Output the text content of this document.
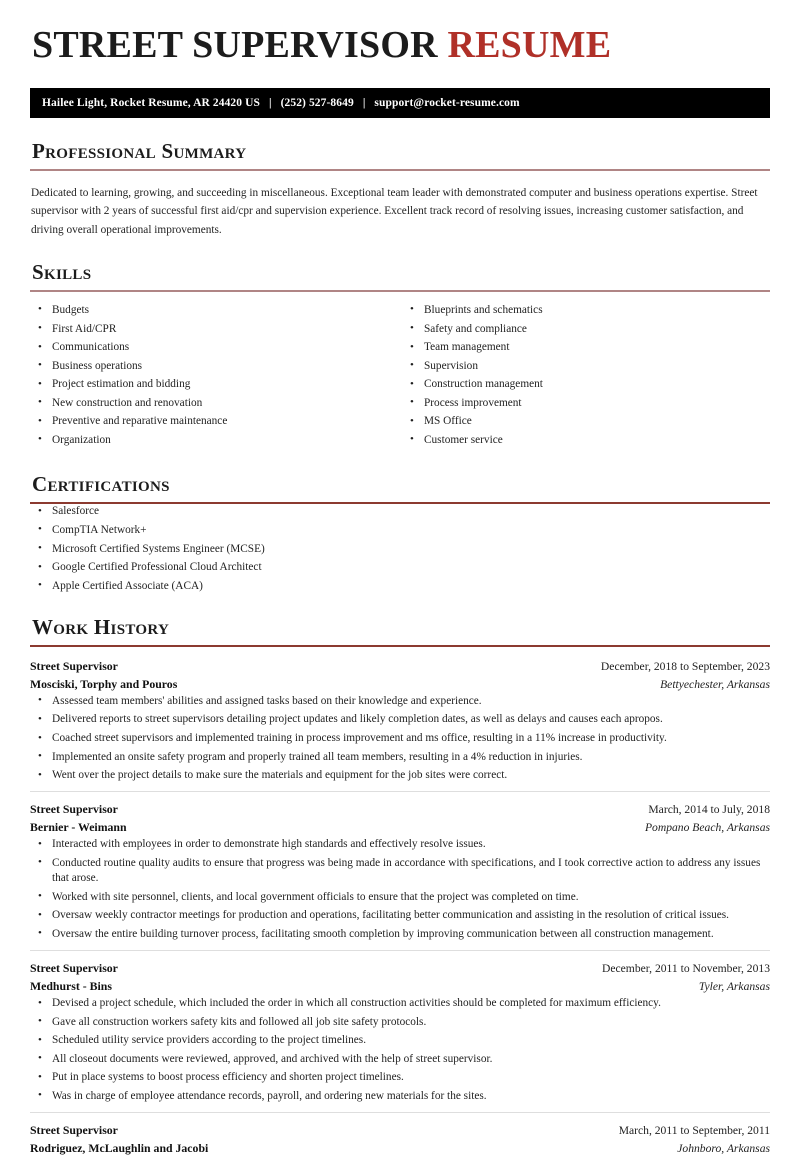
STREET SUPERVISOR RESUME
Hailee Light, Rocket Resume, AR 24420 US | (252) 527-8649 | support@rocket-resume.com
Professional Summary

Dedicated to learning, growing, and succeeding in miscellaneous. Exceptional team leader with demonstrated computer and business operations expertise. Street supervisor with 2 years of successful first aid/cpr and supervision experience. Excellent track record of resolving issues, increasing customer satisfaction, and driving overall operational improvements.

Skills
• Budgets
• First Aid/CPR
• Communications
• Business operations
• Project estimation and bidding
• New construction and renovation
• Preventive and reparative maintenance
• Organization
• Blueprints and schematics
• Safety and compliance
• Team management
• Supervision
• Construction management
• Process improvement
• MS Office
• Customer service
Certifications
• Salesforce
• CompTIA Network+
• Microsoft Certified Systems Engineer (MCSE)
• Google Certified Professional Cloud Architect
• Apple Certified Associate (ACA)
Work History
Street Supervisor	December, 2018 to September, 2023
Mosciski, Torphy and Pouros	Bettyechester, Arkansas
• Assessed team members' abilities and assigned tasks based on their knowledge and experience.
• Delivered reports to street supervisors detailing project updates and likely completion dates, as well as delays and causes each apropos.
• Coached street supervisors and implemented training in process improvement and ms office, resulting in a 11% increase in productivity.
• Implemented an onsite safety program and properly trained all team members, resulting in a 4% reduction in injuries.
• Went over the project details to make sure the materials and equipment for the job sites were correct.
Street Supervisor	March, 2014 to July, 2018
Bernier - Weimann	Pompano Beach, Arkansas
• Interacted with employees in order to demonstrate high standards and effectively resolve issues.
• Conducted routine quality audits to ensure that progress was being made in accordance with specifications, and I took corrective action to address any issues that arose.
• Worked with site personnel, clients, and local government officials to ensure that the project was completed on time.
• Oversaw weekly contractor meetings for production and operations, facilitating better communication and assisting in the resolution of critical issues.
• Oversaw the entire building turnover process, facilitating smooth completion by improving communication between all construction management.
Street Supervisor	December, 2011 to November, 2013
Medhurst - Bins	Tyler, Arkansas
• Devised a project schedule, which included the order in which all construction activities should be completed for maximum efficiency.
• Gave all construction workers safety kits and followed all job site safety protocols.
• Scheduled utility service providers according to the project timelines.
• All closeout documents were reviewed, approved, and archived with the help of street supervisor.
• Put in place systems to boost process efficiency and shorten project timelines.
• Was in charge of employee attendance records, payroll, and ordering new materials for the sites.
Street Supervisor	March, 2011 to September, 2011
Rodriguez, McLaughlin and Jacobi	Johnboro, Arkansas
